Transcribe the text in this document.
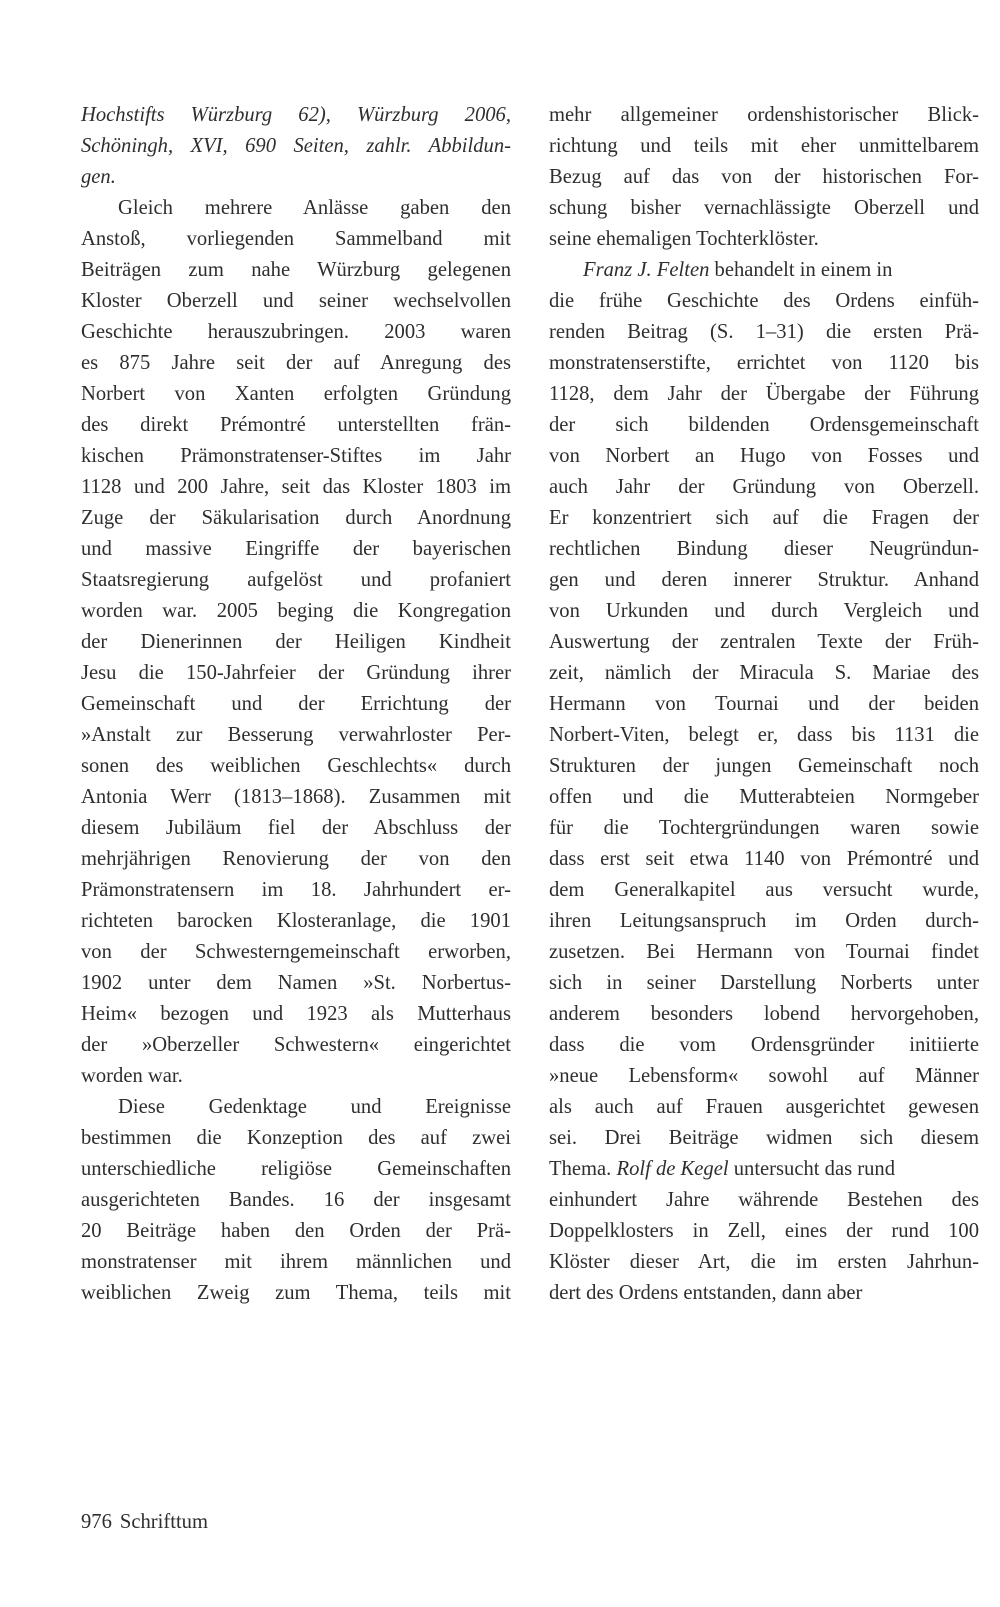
Hochstifts Würzburg 62), Würzburg 2006,
Schöningh, XVI, 690 Seiten, zahlr. Abbildun-
gen.
Gleich mehrere Anlässe gaben den
Anstoß, vorliegenden Sammelband mit
Beiträgen zum nahe Würzburg gelegenen
Kloster Oberzell und seiner wechselvollen
Geschichte herauszubringen. 2003 waren
es 875 Jahre seit der auf Anregung des
Norbert von Xanten erfolgten Gründung
des direkt Prémontré unterstellten frän-
kischen Prämonstratenser-Stiftes im Jahr
1128 und 200 Jahre, seit das Kloster 1803 im
Zuge der Säkularisation durch Anordnung
und massive Eingriffe der bayerischen
Staatsregierung aufgelöst und profaniert
worden war. 2005 beging die Kongregation
der Dienerinnen der Heiligen Kindheit
Jesu die 150-Jahrfeier der Gründung ihrer
Gemeinschaft und der Errichtung der
»Anstalt zur Besserung verwahrloster Per-
sonen des weiblichen Geschlechts« durch
Antonia Werr (1813–1868). Zusammen mit
diesem Jubiläum fiel der Abschluss der
mehrjährigen Renovierung der von den
Prämonstratensern im 18. Jahrhundert er-
richteten barocken Klosteranlage, die 1901
von der Schwesterngemeinschaft erworben,
1902 unter dem Namen »St. Norbertus-
Heim« bezogen und 1923 als Mutterhaus
der »Oberzeller Schwestern« eingerichtet
worden war.
Diese Gedenktage und Ereignisse
bestimmen die Konzeption des auf zwei
unterschiedliche religiöse Gemeinschaften
ausgerichteten Bandes. 16 der insgesamt
20 Beiträge haben den Orden der Prä-
monstratenser mit ihrem männlichen und
weiblichen Zweig zum Thema, teils mit
mehr allgemeiner ordenshistorischer Blick-
richtung und teils mit eher unmittelbarem
Bezug auf das von der historischen For-
schung bisher vernachlässigte Oberzell und
seine ehemaligen Tochterklöster.
Franz J. Felten behandelt in einem in
die frühe Geschichte des Ordens einfüh-
renden Beitrag (S. 1–31) die ersten Prä-
monstratenserstifte, errichtet von 1120 bis
1128, dem Jahr der Übergabe der Führung
der sich bildenden Ordensgemeinschaft
von Norbert an Hugo von Fosses und
auch Jahr der Gründung von Oberzell.
Er konzentriert sich auf die Fragen der
rechtlichen Bindung dieser Neugründun-
gen und deren innerer Struktur. Anhand
von Urkunden und durch Vergleich und
Auswertung der zentralen Texte der Früh-
zeit, nämlich der Miracula S. Mariae des
Hermann von Tournai und der beiden
Norbert-Viten, belegt er, dass bis 1131 die
Strukturen der jungen Gemeinschaft noch
offen und die Mutterabteien Normgeber
für die Tochtergründungen waren sowie
dass erst seit etwa 1140 von Prémontré und
dem Generalkapitel aus versucht wurde,
ihren Leitungsanspruch im Orden durch-
zusetzen. Bei Hermann von Tournai findet
sich in seiner Darstellung Norberts unter
anderem besonders lobend hervorgehoben,
dass die vom Ordensgründer initiierte
»neue Lebensform« sowohl auf Männer
als auch auf Frauen ausgerichtet gewesen
sei. Drei Beiträge widmen sich diesem
Thema. Rolf de Kegel untersucht das rund
einhundert Jahre währende Bestehen des
Doppelklosters in Zell, eines der rund 100
Klöster dieser Art, die im ersten Jahrhun-
dert des Ordens entstanden, dann aber
976 Schrifttum
